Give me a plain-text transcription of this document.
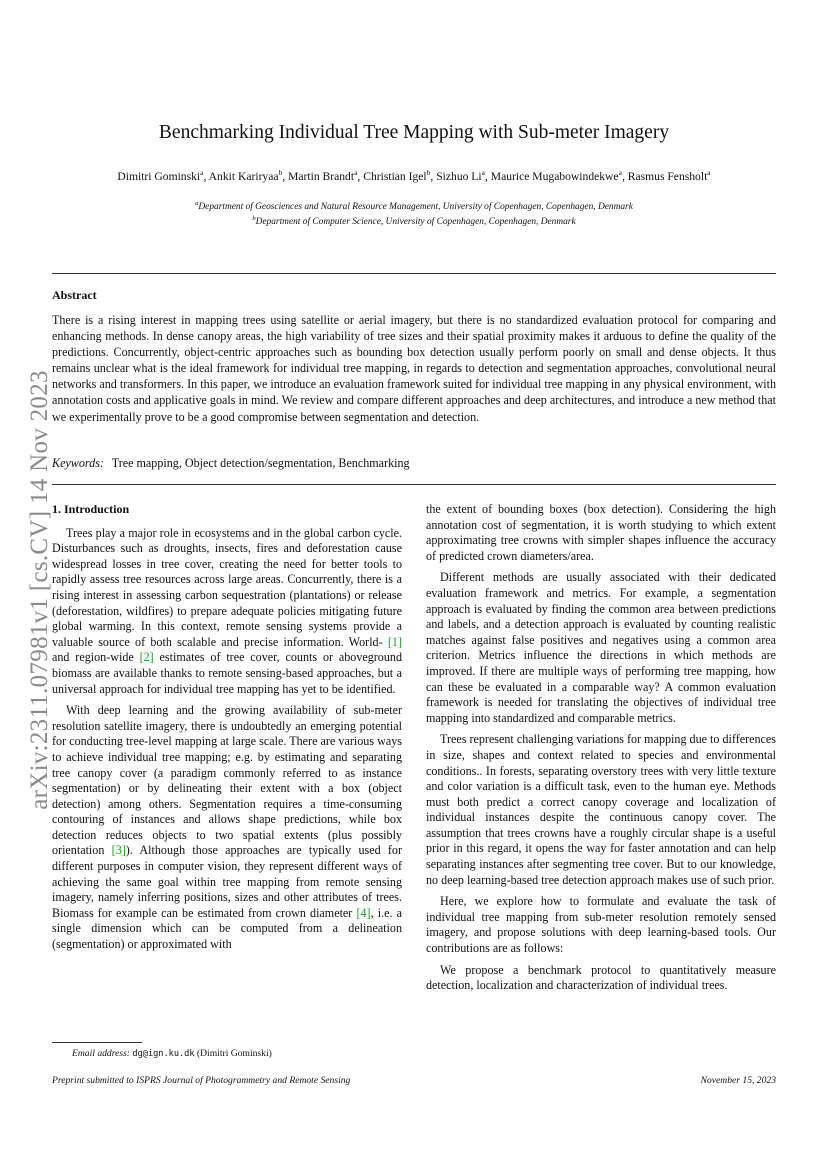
arXiv:2311.07981v1 [cs.CV] 14 Nov 2023
Benchmarking Individual Tree Mapping with Sub-meter Imagery
Dimitri Gominski$^a$, Ankit Kariryaa$^b$, Martin Brandt$^a$, Christian Igel$^b$, Sizhuo Li$^a$, Maurice Mugabowindekwe$^a$, Rasmus Fensholt$^a$
$^a$Department of Geosciences and Natural Resource Management, University of Copenhagen, Copenhagen, Denmark
$^b$Department of Computer Science, University of Copenhagen, Copenhagen, Denmark
Abstract
There is a rising interest in mapping trees using satellite or aerial imagery, but there is no standardized evaluation protocol for comparing and enhancing methods. In dense canopy areas, the high variability of tree sizes and their spatial proximity makes it arduous to define the quality of the predictions. Concurrently, object-centric approaches such as bounding box detection usually perform poorly on small and dense objects. It thus remains unclear what is the ideal framework for individual tree mapping, in regards to detection and segmentation approaches, convolutional neural networks and transformers. In this paper, we introduce an evaluation framework suited for individual tree mapping in any physical environment, with annotation costs and applicative goals in mind. We review and compare different approaches and deep architectures, and introduce a new method that we experimentally prove to be a good compromise between segmentation and detection.
Keywords: Tree mapping, Object detection/segmentation, Benchmarking
1. Introduction

Trees play a major role in ecosystems and in the global carbon cycle. Disturbances such as droughts, insects, fires and deforestation cause widespread losses in tree cover, creating the need for better tools to rapidly assess tree resources across large areas. Concurrently, there is a rising interest in assessing carbon sequestration (plantations) or release (deforestation, wildfires) to prepare adequate policies mitigating future global warming. In this context, remote sensing systems provide a valuable source of both scalable and precise information. World- [1] and region-wide [2] estimates of tree cover, counts or aboveground biomass are available thanks to remote sensing-based approaches, but a universal approach for individual tree mapping has yet to be identified.

With deep learning and the growing availability of sub-meter resolution satellite imagery, there is undoubtedly an emerging potential for conducting tree-level mapping at large scale. There are various ways to achieve individual tree mapping; e.g. by estimating and separating tree canopy cover (a paradigm commonly referred to as instance segmentation) or by delineating their extent with a box (object detection) among others. Segmentation requires a time-consuming contouring of instances and allows shape predictions, while box detection reduces objects to two spatial extents (plus possibly orientation [3]). Although those approaches are typically used for different purposes in computer vision, they represent different ways of achieving the same goal within tree mapping from remote sensing imagery, namely inferring positions, sizes and other attributes of trees. Biomass for example can be estimated from crown diameter [4], i.e. a single dimension which can be computed from a delineation (segmentation) or approximated with

the extent of bounding boxes (box detection). Considering the high annotation cost of segmentation, it is worth studying to which extent approximating tree crowns with simpler shapes influence the accuracy of predicted crown diameters/area.

Different methods are usually associated with their dedicated evaluation framework and metrics. For example, a segmentation approach is evaluated by finding the common area between predictions and labels, and a detection approach is evaluated by counting realistic matches against false positives and negatives using a common area criterion. Metrics influence the directions in which methods are improved. If there are multiple ways of performing tree mapping, how can these be evaluated in a comparable way? A common evaluation framework is needed for translating the objectives of individual tree mapping into standardized and comparable metrics.

Trees represent challenging variations for mapping due to differences in size, shapes and context related to species and environmental conditions.. In forests, separating overstory trees with very little texture and color variation is a difficult task, even to the human eye. Methods must both predict a correct canopy coverage and localization of individual instances despite the continuous canopy cover. The assumption that trees crowns have a roughly circular shape is a useful prior in this regard, it opens the way for faster annotation and can help separating instances after segmenting tree cover. But to our knowledge, no deep learning-based tree detection approach makes use of such prior.

Here, we explore how to formulate and evaluate the task of individual tree mapping from sub-meter resolution remotely sensed imagery, and propose solutions with deep learning-based tools. Our contributions are as follows:

We propose a benchmark protocol to quantitatively measure detection, localization and characterization of individual trees.

Email address: dg@ign.ku.dk (Dimitri Gominski)
Preprint submitted to ISPRS Journal of Photogrammetry and Remote Sensing	November 15, 2023
